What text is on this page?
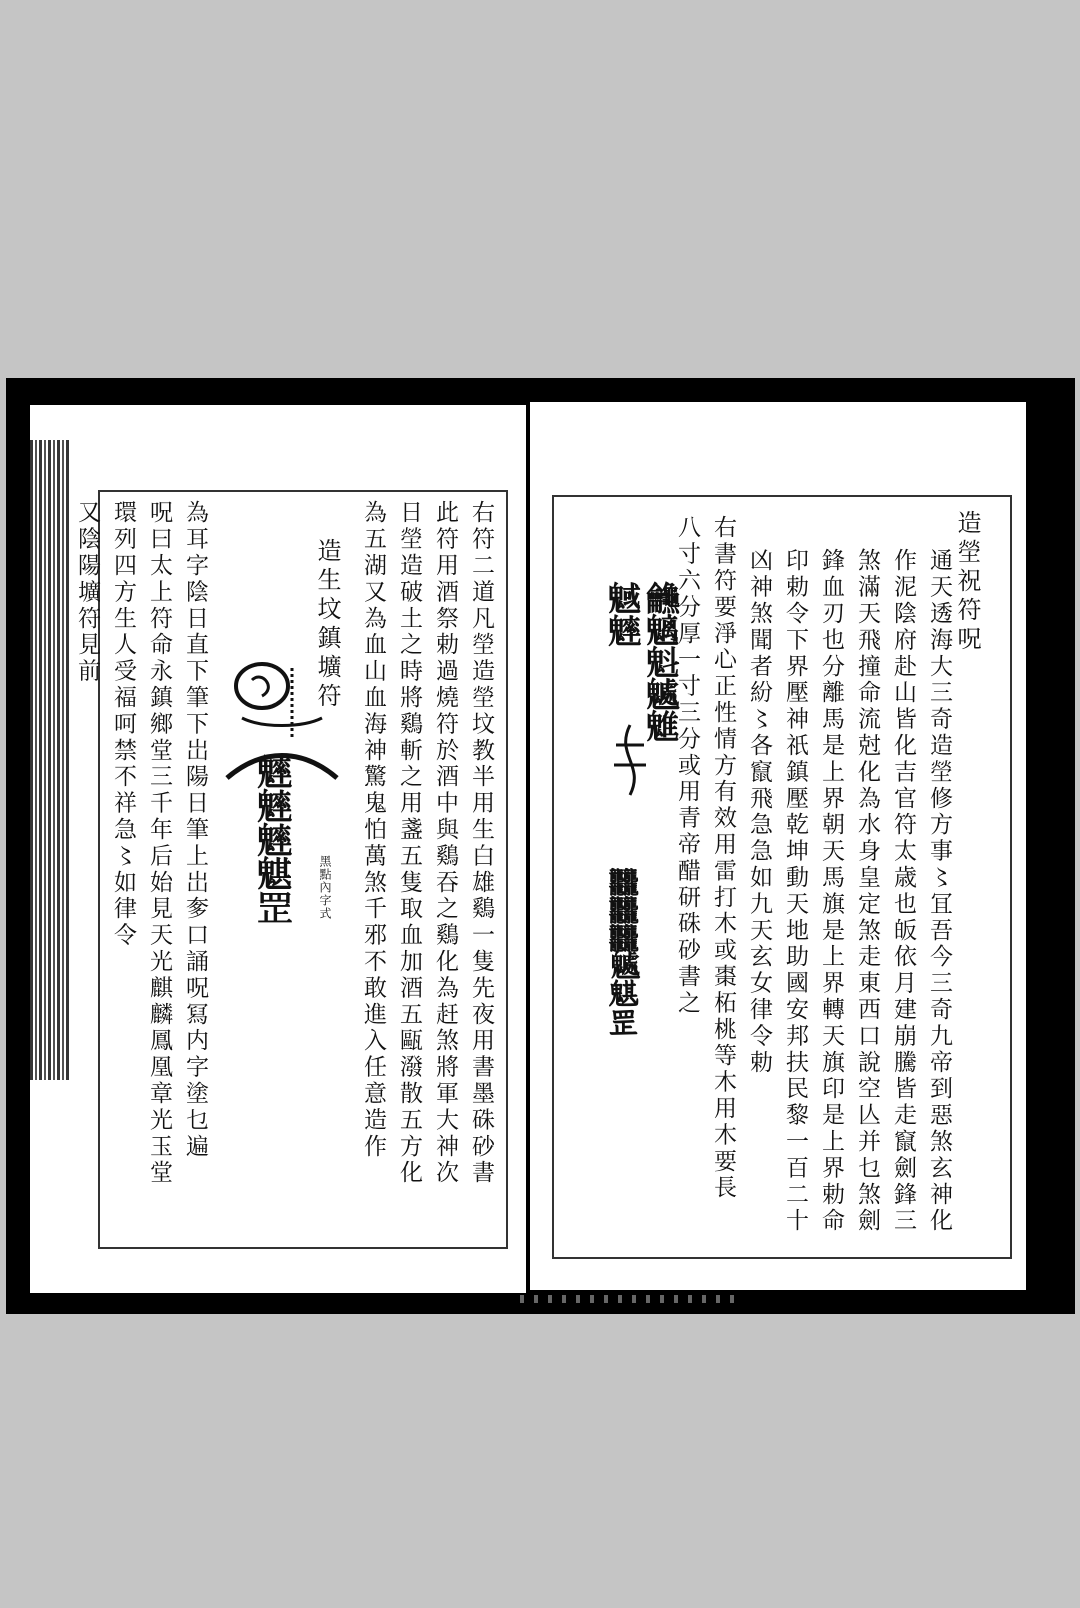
造塋祝符呪
通天透海大三奇造塋修方事〻冝吾今三奇九帝到惡煞玄神化
作泥陰府赴山皆化吉官符太歳也皈依月建崩騰皆走竄劍鋒三
煞滿天飛撞命流尅化為水身皇定煞走東西口說空亾并乜煞劍
鋒血刃也分離馬是上界朝天馬旗是上界轉天旗印是上界勅命
印勅令下界壓神祇鎮壓乾坤動天地助國安邦扶民黎一百二十
凶神煞聞者紛〻各竄飛急急如九天玄女律令勅
右書符要淨心正性情方有效用雷打木或棗柘桃等木用木要長
八寸六分厚一寸三分或用青帝醋研硃砂書之
𪛖魑魁𩴘魋魊𩴐
𪚥𪚥𪚥𩴘魌罡
右符二道凡塋造塋坟教半用生白雄鷄一隻先夜用書墨硃砂書
此符用酒祭勅過燒符於酒中與鷄吞之鷄化為赶煞將軍大神次
日塋造破土之時將鷄斬之用盞五隻取血加酒五甌潑散五方化
為五湖又為血山血海神驚鬼怕萬煞千邪不敢進入任意造作
造生坟鎮壙符
𩴐𩴐𩴐魌罡 黑點內字式
為耳字陰日直下筆下岀陽日筆上岀奓口誦呪冩内字塗乜遍
呪曰太上符命永鎮鄉堂三千年后始見天光麒麟鳳凰章光玉堂
環列四方生人受福呵禁不祥急〻如律令
又陰陽壙符見前
